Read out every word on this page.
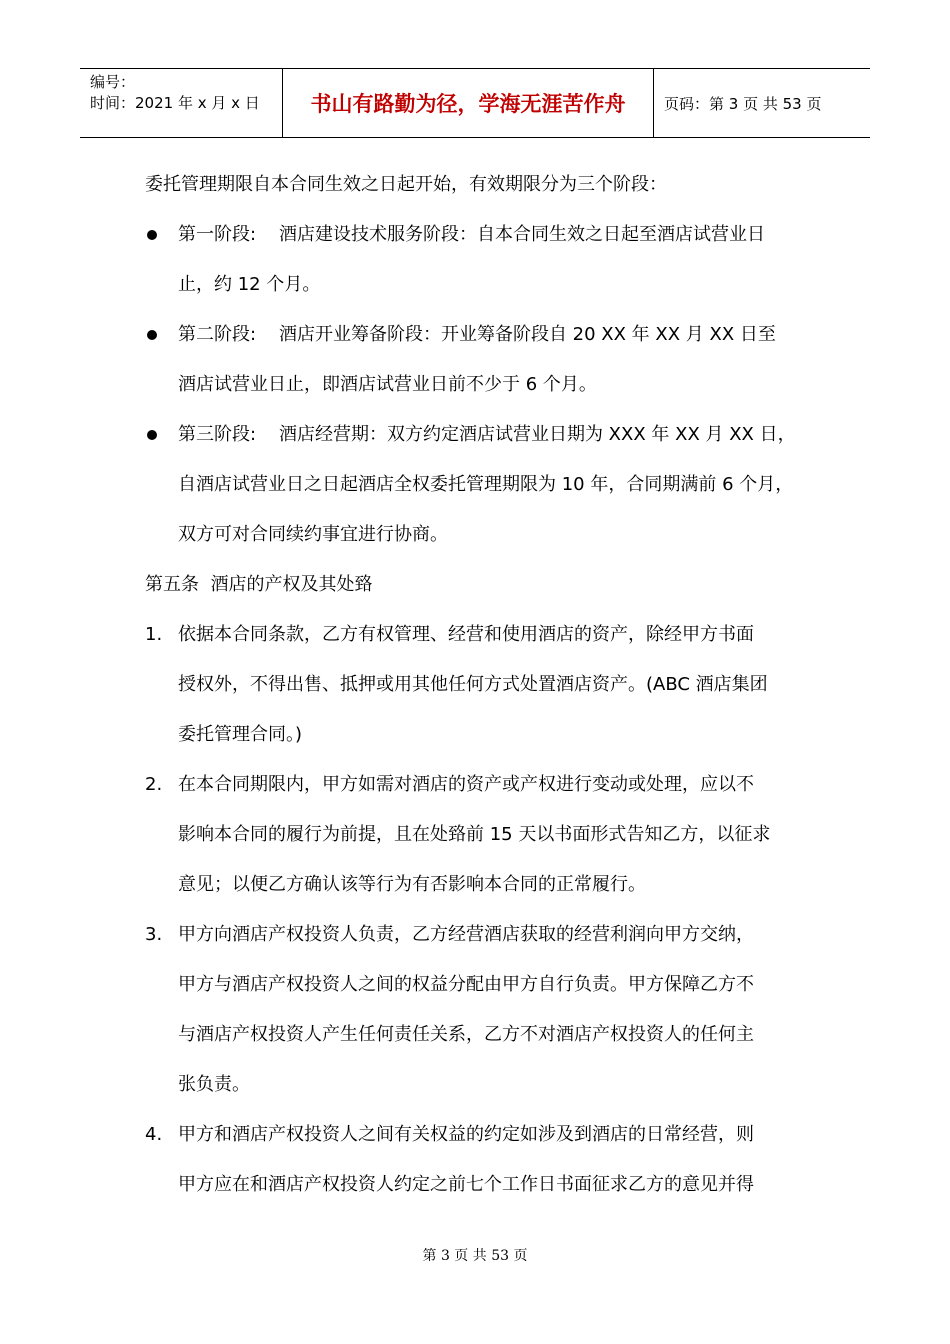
编号：
时间：2021 年 x 月 x 日	书山有路勤为径，学海无涯苦作舟	页码：第 3 页 共 53 页

委托管理期限自本合同生效之日起开始，有效期限分为三个阶段：

第一阶段:    酒店建设技术服务阶段：自本合同生效之日起至酒店试营业日

止，约 12 个月。

第二阶段:    酒店开业筹备阶段：开业筹备阶段自 20 XX 年 XX 月 XX 日至

酒店试营业日止，即酒店试营业日前不少于 6 个月。

第三阶段:    酒店经营期：双方约定酒店试营业日期为 XXX 年 XX 月 XX 日，

自酒店试营业日之日起酒店全权委托管理期限为 10 年，合同期满前 6 个月，

双方可对合同续约事宜进行协商。

第五条  酒店的产权及其处臵

1. 依据本合同条款，乙方有权管理、经营和使用酒店的资产，除经甲方书面

授权外，不得出售、抵押或用其他任何方式处置酒店资产。(ABC 酒店集团

委托管理合同。)

2. 在本合同期限内，甲方如需对酒店的资产或产权进行变动或处理，应以不

影响本合同的履行为前提，且在处臵前 15 天以书面形式告知乙方，以征求

意见；以便乙方确认该等行为有否影响本合同的正常履行。

3. 甲方向酒店产权投资人负责，乙方经营酒店获取的经营利润向甲方交纳，

甲方与酒店产权投资人之间的权益分配由甲方自行负责。甲方保障乙方不

与酒店产权投资人产生任何责任关系，乙方不对酒店产权投资人的任何主

张负责。

4. 甲方和酒店产权投资人之间有关权益的约定如涉及到酒店的日常经营，则

甲方应在和酒店产权投资人约定之前七个工作日书面征求乙方的意见并得

第 3 页 共 53 页
